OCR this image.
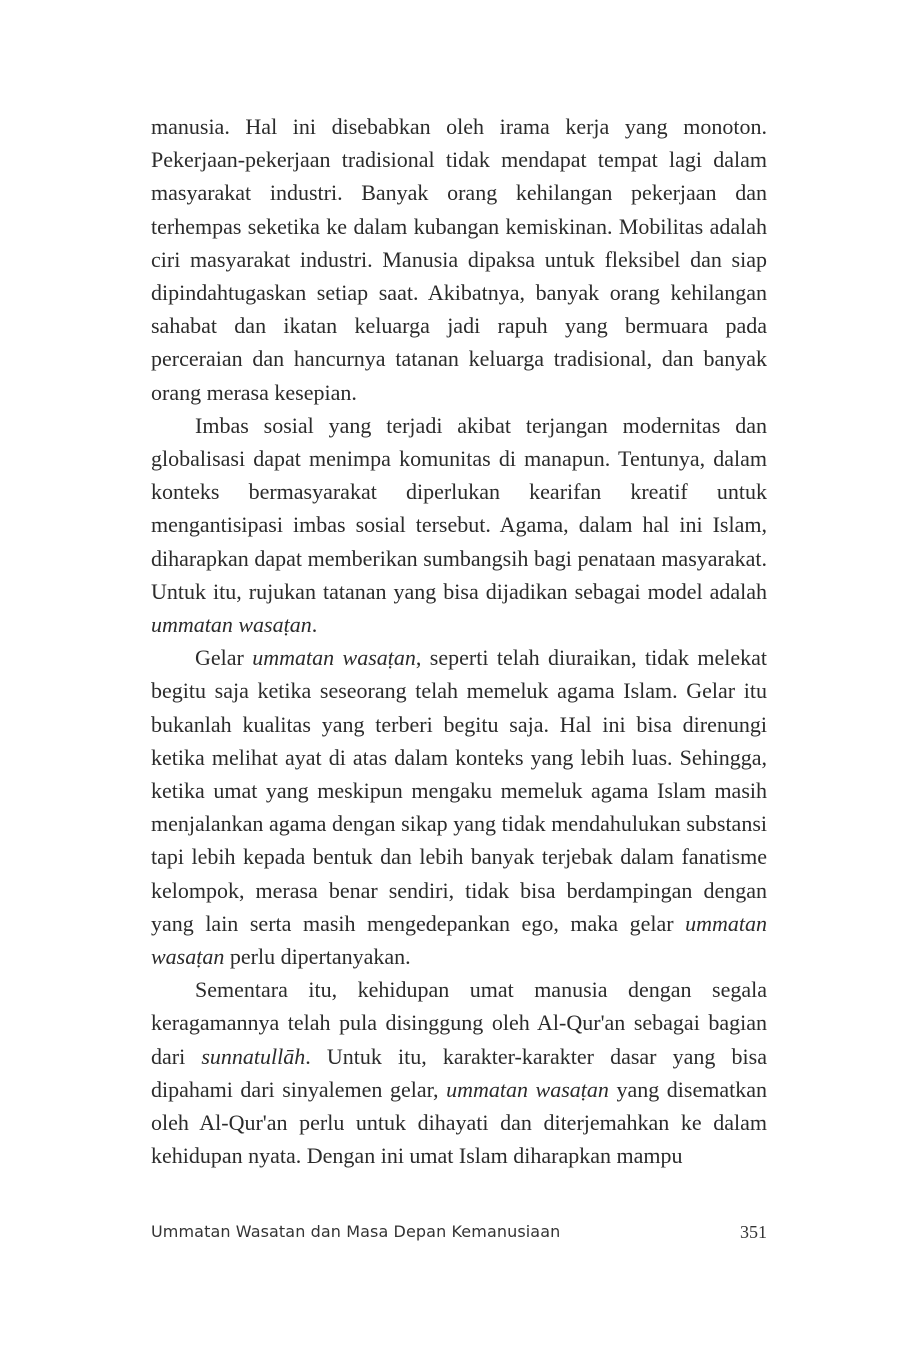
manusia. Hal ini disebabkan oleh irama kerja yang monoton. Pekerjaan-pekerjaan tradisional tidak mendapat tempat lagi dalam masyarakat industri. Banyak orang kehilangan pekerjaan dan terhempas seketika ke dalam kubangan kemiskinan. Mobilitas adalah ciri masyarakat industri. Manusia dipaksa untuk fleksibel dan siap dipindahtugaskan setiap saat. Akibatnya, banyak orang kehilangan sahabat dan ikatan keluarga jadi rapuh yang bermuara pada perceraian dan hancurnya tatanan keluarga tradisional, dan banyak orang merasa kesepian.

Imbas sosial yang terjadi akibat terjangan modernitas dan globalisasi dapat menimpa komunitas di manapun. Tentunya, dalam konteks bermasyarakat diperlukan kearifan kreatif untuk mengantisipasi imbas sosial tersebut. Agama, dalam hal ini Islam, diharapkan dapat memberikan sumbangsih bagi penataan masyarakat. Untuk itu, rujukan tatanan yang bisa dijadikan sebagai model adalah ummatan wasaṭan.

Gelar ummatan wasaṭan, seperti telah diuraikan, tidak melekat begitu saja ketika seseorang telah memeluk agama Islam. Gelar itu bukanlah kualitas yang terberi begitu saja. Hal ini bisa direnungi ketika melihat ayat di atas dalam konteks yang lebih luas. Sehingga, ketika umat yang meskipun mengaku memeluk agama Islam masih menjalankan agama dengan sikap yang tidak mendahulukan substansi tapi lebih kepada bentuk dan lebih banyak terjebak dalam fanatisme kelompok, merasa benar sendiri, tidak bisa berdampingan dengan yang lain serta masih mengedepankan ego, maka gelar ummatan wasaṭan perlu dipertanyakan.

Sementara itu, kehidupan umat manusia dengan segala keragamannya telah pula disinggung oleh Al-Qur'an sebagai bagian dari sunnatullāh. Untuk itu, karakter-karakter dasar yang bisa dipahami dari sinyalemen gelar, ummatan wasaṭan yang disematkan oleh Al-Qur'an perlu untuk dihayati dan diterjemahkan ke dalam kehidupan nyata. Dengan ini umat Islam diharapkan mampu

Ummatan Wasatan dan Masa Depan Kemanusiaan	351
